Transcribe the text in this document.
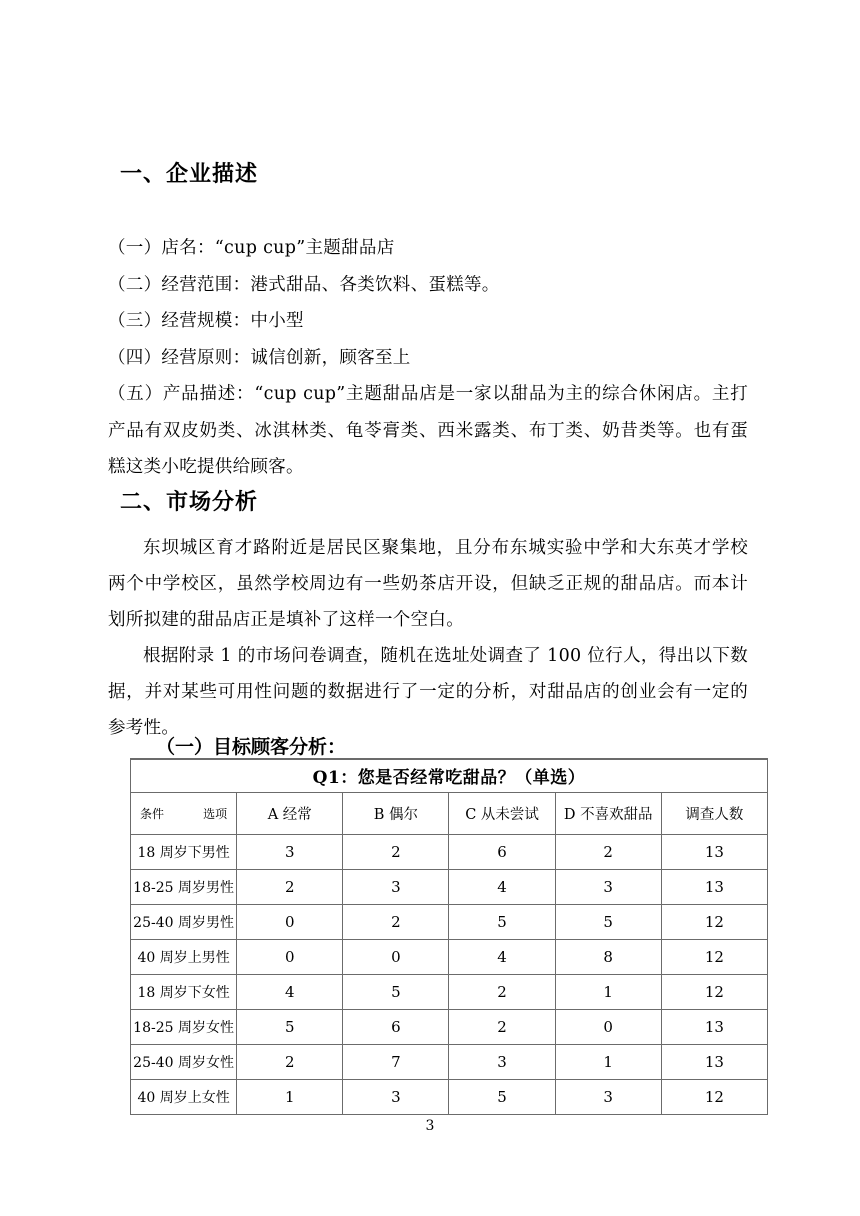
一、企业描述

（一）店名：“cup cup”主题甜品店

（二）经营范围：港式甜品、各类饮料、蛋糕等。

（三）经营规模：中小型

（四）经营原则：诚信创新，顾客至上

（五）产品描述：“cup cup”主题甜品店是一家以甜品为主的综合休闲店。主打产品有双皮奶类、冰淇林类、龟苓膏类、西米露类、布丁类、奶昔类等。也有蛋糕这类小吃提供给顾客。

二、市场分析

东坝城区育才路附近是居民区聚集地，且分布东城实验中学和大东英才学校两个中学校区，虽然学校周边有一些奶茶店开设，但缺乏正规的甜品店。而本计划所拟建的甜品店正是填补了这样一个空白。

根据附录 1 的市场问卷调查，随机在选址处调查了 100 位行人，得出以下数据，并对某些可用性问题的数据进行了一定的分析，对甜品店的创业会有一定的参考性。

（一）目标顾客分析：
Q1：您是否经常吃甜品？（单选）					

条件 选项	A 经常	B 偶尔	C 从未尝试	D 不喜欢甜品	调查人数
18 周岁下男性	3	2	6	2	13
18-25 周岁男性	2	3	4	3	13
25-40 周岁男性	0	2	5	5	12
40 周岁上男性	0	0	4	8	12
18 周岁下女性	4	5	2	1	12
18-25 周岁女性	5	6	2	0	13
25-40 周岁女性	2	7	3	1	13
40 周岁上女性	1	3	5	3	12
3
